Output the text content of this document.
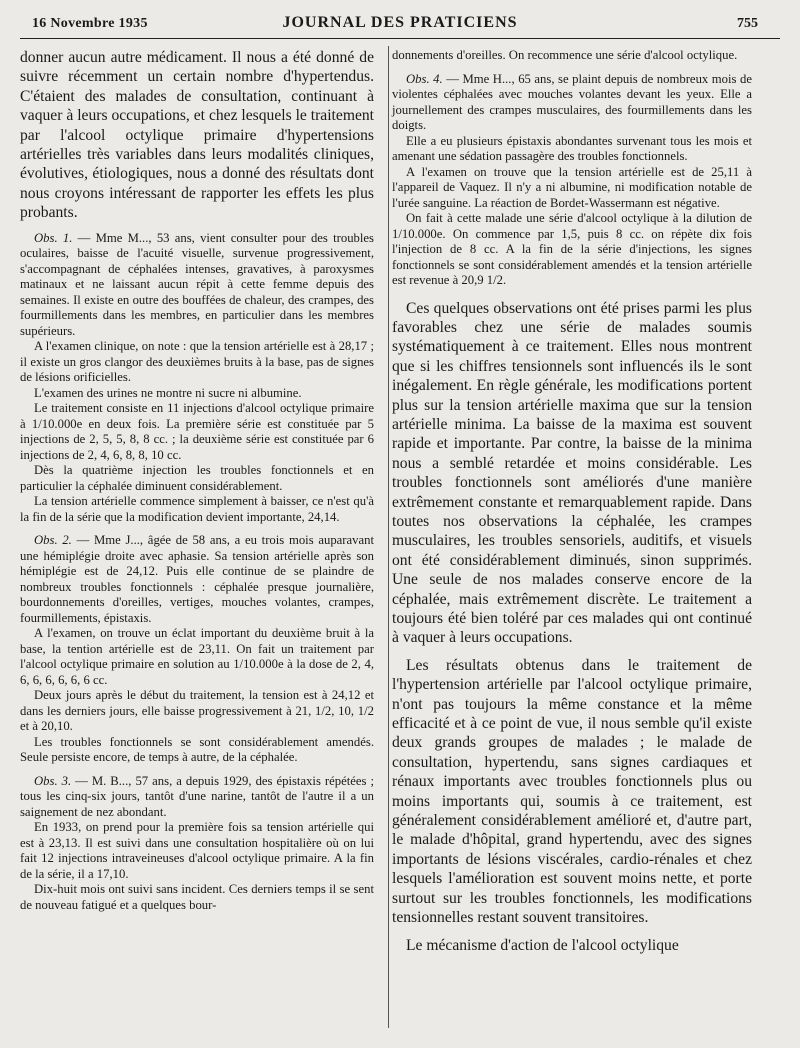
16 Novembre 1935	JOURNAL DES PRATICIENS	755

donner aucun autre médicament. Il nous a été donné de suivre récemment un certain nombre d'hypertendus. C'étaient des malades de consultation, continuant à vaquer à leurs occupations, et chez lesquels le traitement par l'alcool octylique primaire d'hypertensions artérielles très variables dans leurs modalités cliniques, évolutives, étiologiques, nous a donné des résultats dont nous croyons intéressant de rapporter les effets les plus probants.

Obs. 1. — Mme M..., 53 ans, vient consulter pour des troubles oculaires, baisse de l'acuité visuelle, survenue progressivement, s'accompagnant de céphalées intenses, gravatives, à paroxysmes matinaux et ne laissant aucun répit à cette femme depuis des semaines. Il existe en outre des bouffées de chaleur, des crampes, des fourmillements dans les membres, en particulier dans les membres supérieurs.

A l'examen clinique, on note : que la tension artérielle est à 28,17 ; il existe un gros clangor des deuxièmes bruits à la base, pas de signes de lésions orificielles.

L'examen des urines ne montre ni sucre ni albumine.

Le traitement consiste en 11 injections d'alcool octylique primaire à 1/10.000e en deux fois. La première série est constituée par 5 injections de 2, 5, 5, 8, 8 cc. ; la deuxième série est constituée par 6 injections de 2, 4, 6, 8, 8, 10 cc.

Dès la quatrième injection les troubles fonctionnels et en particulier la céphalée diminuent considérablement.

La tension artérielle commence simplement à baisser, ce n'est qu'à la fin de la série que la modification devient importante, 24,14.

Obs. 2. — Mme J..., âgée de 58 ans, a eu trois mois auparavant une hémiplégie droite avec aphasie. Sa tension artérielle après son hémiplégie est de 24,12. Puis elle continue de se plaindre de nombreux troubles fonctionnels : céphalée presque journalière, bourdonnements d'oreilles, vertiges, mouches volantes, crampes, fourmillements, épistaxis.

A l'examen, on trouve un éclat important du deuxième bruit à la base, la tention artérielle est de 23,11. On fait un traitement par l'alcool octylique primaire en solution au 1/10.000e à la dose de 2, 4, 6, 6, 6, 6, 6, 6 cc.

Deux jours après le début du traitement, la tension est à 24,12 et dans les derniers jours, elle baisse progressivement à 21, 1/2, 10, 1/2 et à 20,10.

Les troubles fonctionnels se sont considérablement amendés. Seule persiste encore, de temps à autre, de la céphalée.

Obs. 3. — M. B..., 57 ans, a depuis 1929, des épistaxis répétées ; tous les cinq-six jours, tantôt d'une narine, tantôt de l'autre il a un saignement de nez abondant.

En 1933, on prend pour la première fois sa tension artérielle qui est à 23,13. Il est suivi dans une consultation hospitalière où on lui fait 12 injections intraveineuses d'alcool octylique primaire. A la fin de la série, il a 17,10.

Dix-huit mois ont suivi sans incident. Ces derniers temps il se sent de nouveau fatigué et a quelques bour-

donnements d'oreilles. On recommence une série d'alcool octylique.

Obs. 4. — Mme H..., 65 ans, se plaint depuis de nombreux mois de violentes céphalées avec mouches volantes devant les yeux. Elle a journellement des crampes musculaires, des fourmillements dans les doigts.

Elle a eu plusieurs épistaxis abondantes survenant tous les mois et amenant une sédation passagère des troubles fonctionnels.

A l'examen on trouve que la tension artérielle est de 25,11 à l'appareil de Vaquez. Il n'y a ni albumine, ni modification notable de l'urée sanguine. La réaction de Bordet-Wassermann est négative.

On fait à cette malade une série d'alcool octylique à la dilution de 1/10.000e. On commence par 1,5, puis 8 cc. on répète dix fois l'injection de 8 cc. A la fin de la série d'injections, les signes fonctionnels se sont considérablement amendés et la tension artérielle est revenue à 20,9 1/2.

Ces quelques observations ont été prises parmi les plus favorables chez une série de malades soumis systématiquement à ce traitement. Elles nous montrent que si les chiffres tensionnels sont influencés ils le sont inégalement. En règle générale, les modifications portent plus sur la tension artérielle maxima que sur la tension artérielle minima. La baisse de la maxima est souvent rapide et importante. Par contre, la baisse de la minima nous a semblé retardée et moins considérable. Les troubles fonctionnels sont améliorés d'une manière extrêmement constante et remarquablement rapide. Dans toutes nos observations la céphalée, les crampes musculaires, les troubles sensoriels, auditifs, et visuels ont été considérablement diminués, sinon supprimés. Une seule de nos malades conserve encore de la céphalée, mais extrêmement discrète. Le traitement a toujours été bien toléré par ces malades qui ont continué à vaquer à leurs occupations.

Les résultats obtenus dans le traitement de l'hypertension artérielle par l'alcool octylique primaire, n'ont pas toujours la même constance et la même efficacité et à ce point de vue, il nous semble qu'il existe deux grands groupes de malades ; le malade de consultation, hypertendu, sans signes cardiaques et rénaux importants avec troubles fonctionnels plus ou moins importants qui, soumis à ce traitement, est généralement considérablement amélioré et, d'autre part, le malade d'hôpital, grand hypertendu, avec des signes importants de lésions viscérales, cardio-rénales et chez lesquels l'amélioration est souvent moins nette, et porte surtout sur les troubles fonctionnels, les modifications tensionnelles restant souvent transitoires.

Le mécanisme d'action de l'alcool octylique
